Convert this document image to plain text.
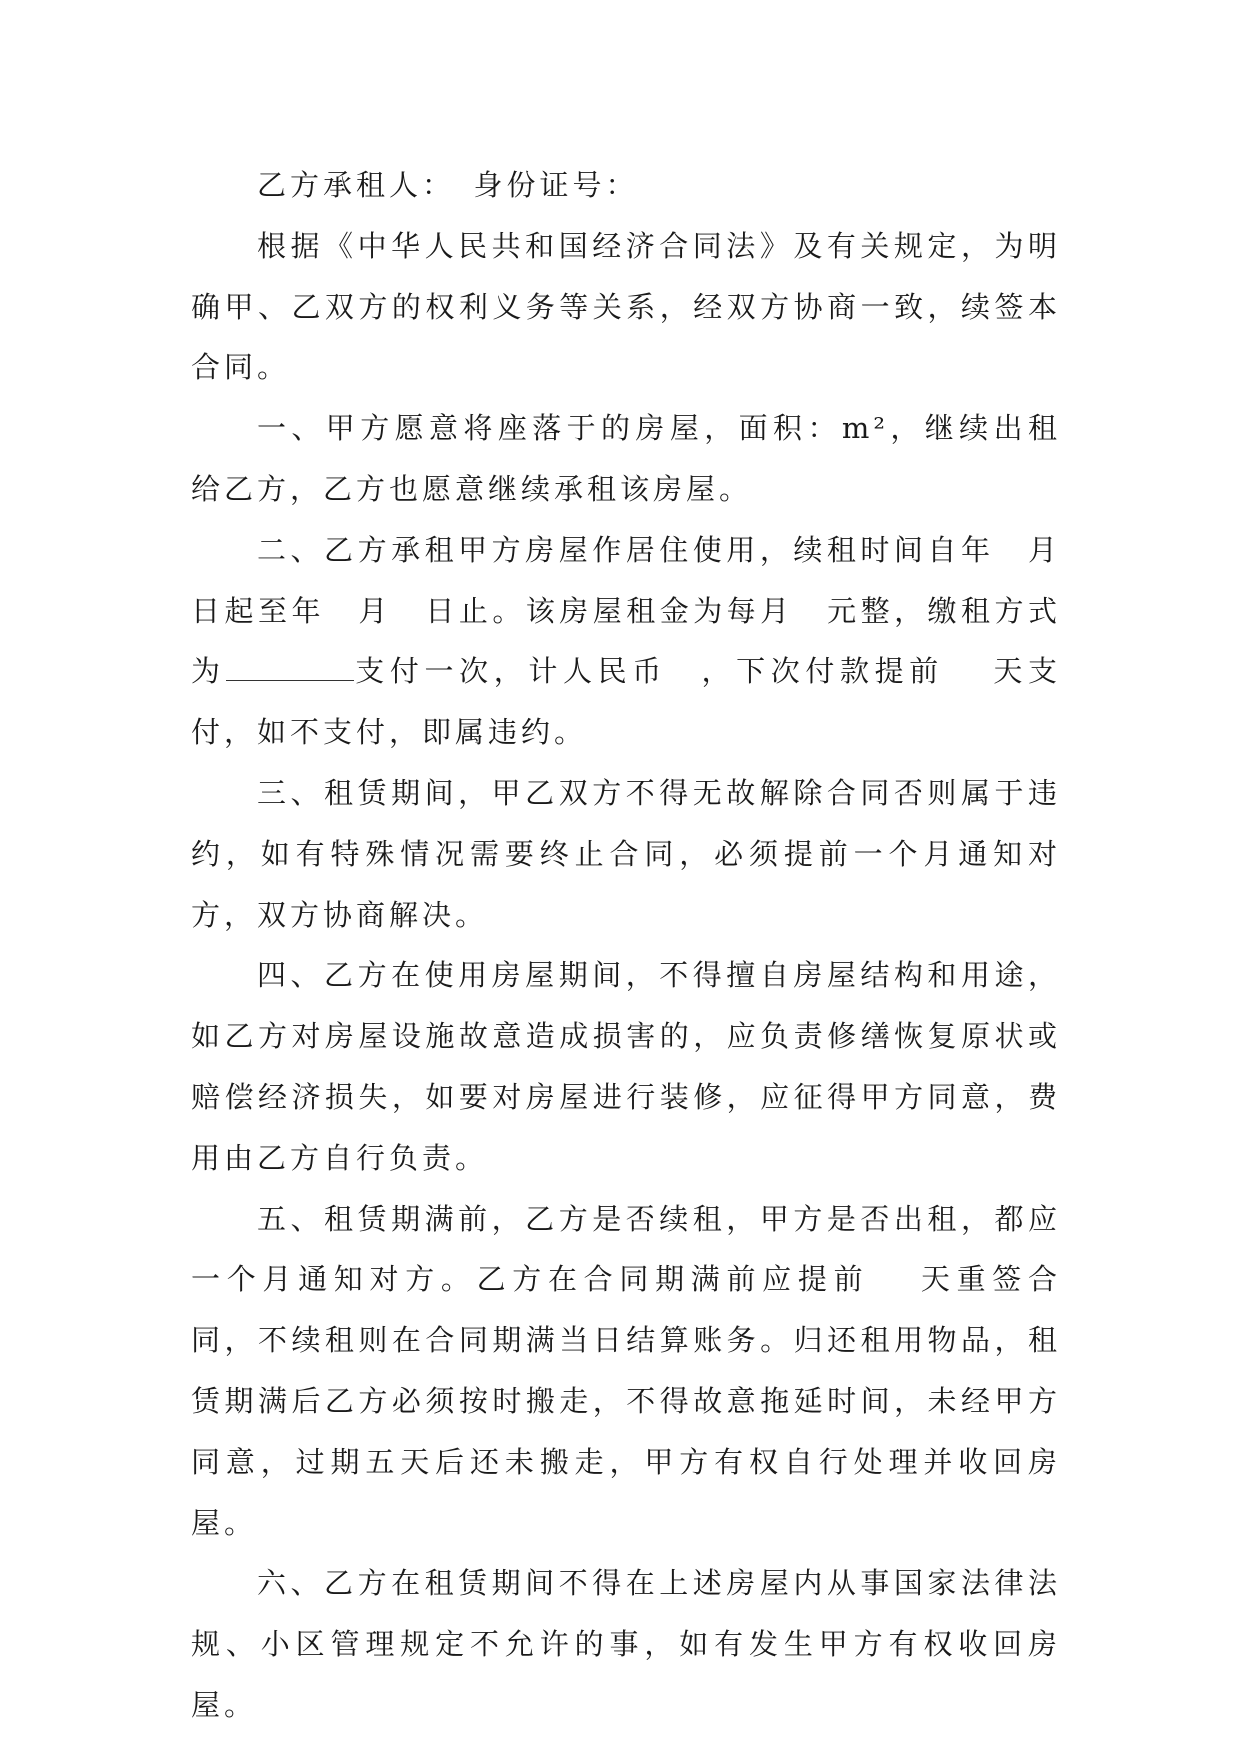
乙方承租人：　身份证号：

根据《中华人民共和国经济合同法》及有关规定，为明确甲、乙双方的权利义务等关系，经双方协商一致，续签本合同。

一、甲方愿意将座落于的房屋，面积：m²，继续出租给乙方，乙方也愿意继续承租该房屋。

二、乙方承租甲方房屋作居住使用，续租时间自年　月日起至年　月　日止。该房屋租金为每月　元整，缴租方式为	支付一次，计人民币　，下次付款提前　 天支付，如不支付，即属违约。

三、租赁期间，甲乙双方不得无故解除合同否则属于违约，如有特殊情况需要终止合同，必须提前一个月通知对方，双方协商解决。

四、乙方在使用房屋期间，不得擅自房屋结构和用途，如乙方对房屋设施故意造成损害的，应负责修缮恢复原状或赔偿经济损失，如要对房屋进行装修，应征得甲方同意，费用由乙方自行负责。

五、租赁期满前，乙方是否续租，甲方是否出租，都应一个月通知对方。乙方在合同期满前应提前　 天重签合同，不续租则在合同期满当日结算账务。归还租用物品，租赁期满后乙方必须按时搬走，不得故意拖延时间，未经甲方同意，过期五天后还未搬走，甲方有权自行处理并收回房屋。

六、乙方在租赁期间不得在上述房屋内从事国家法律法规、小区管理规定不允许的事，如有发生甲方有权收回房屋。
